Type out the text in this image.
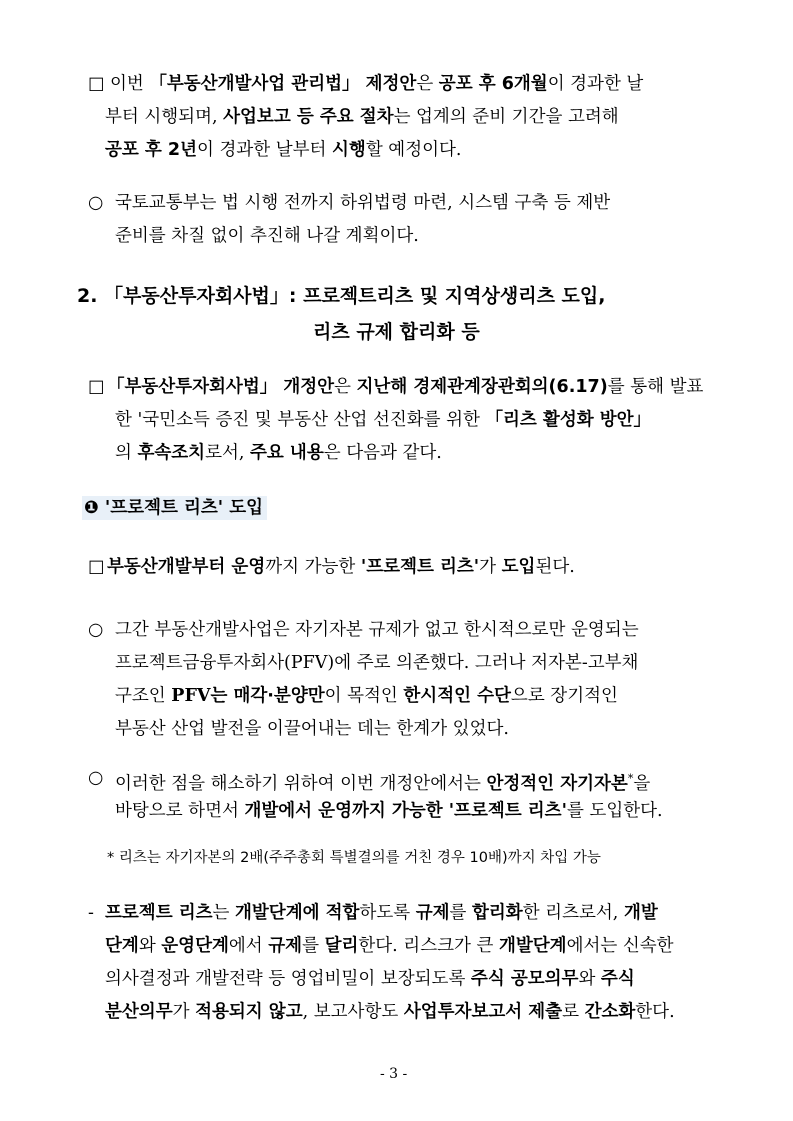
□ 이번 「부동산개발사업 관리법」 제정안은 공포 후 6개월이 경과한 날
부터 시행되며, 사업보고 등 주요 절차는 업계의 준비 기간을 고려해
공포 후 2년이 경과한 날부터 시행할 예정이다.
○ 국토교통부는 법 시행 전까지 하위법령 마련, 시스템 구축 등 제반
준비를 차질 없이 추진해 나갈 계획이다.
2. 「부동산투자회사법」: 프로젝트리츠 및 지역상생리츠 도입,
리츠 규제 합리화 등
□ 「부동산투자회사법」 개정안은 지난해 경제관계장관회의(6.17)를 통해 발표
한 '국민소득 증진 및 부동산 산업 선진화를 위한 「리츠 활성화 방안」
의 후속조치로서, 주요 내용은 다음과 같다.
❶ '프로젝트 리츠' 도입
□ 부동산개발부터 운영까지 가능한 '프로젝트 리츠'가 도입된다.
○ 그간 부동산개발사업은 자기자본 규제가 없고 한시적으로만 운영되는
프로젝트금융투자회사(PFV)에 주로 의존했다. 그러나 저자본-고부채
구조인 PFV는 매각·분양만이 목적인 한시적인 수단으로 장기적인
부동산 산업 발전을 이끌어내는 데는 한계가 있었다.
○ 이러한 점을 해소하기 위하여 이번 개정안에서는 안정적인 자기자본*을
바탕으로 하면서 개발에서 운영까지 가능한 '프로젝트 리츠'를 도입한다.
* 리츠는 자기자본의 2배(주주총회 특별결의를 거친 경우 10배)까지 차입 가능
- 프로젝트 리츠는 개발단계에 적합하도록 규제를 합리화한 리츠로서, 개발
단계와 운영단계에서 규제를 달리한다. 리스크가 큰 개발단계에서는 신속한
의사결정과 개발전략 등 영업비밀이 보장되도록 주식 공모의무와 주식
분산의무가 적용되지 않고, 보고사항도 사업투자보고서 제출로 간소화한다.
- 3 -
